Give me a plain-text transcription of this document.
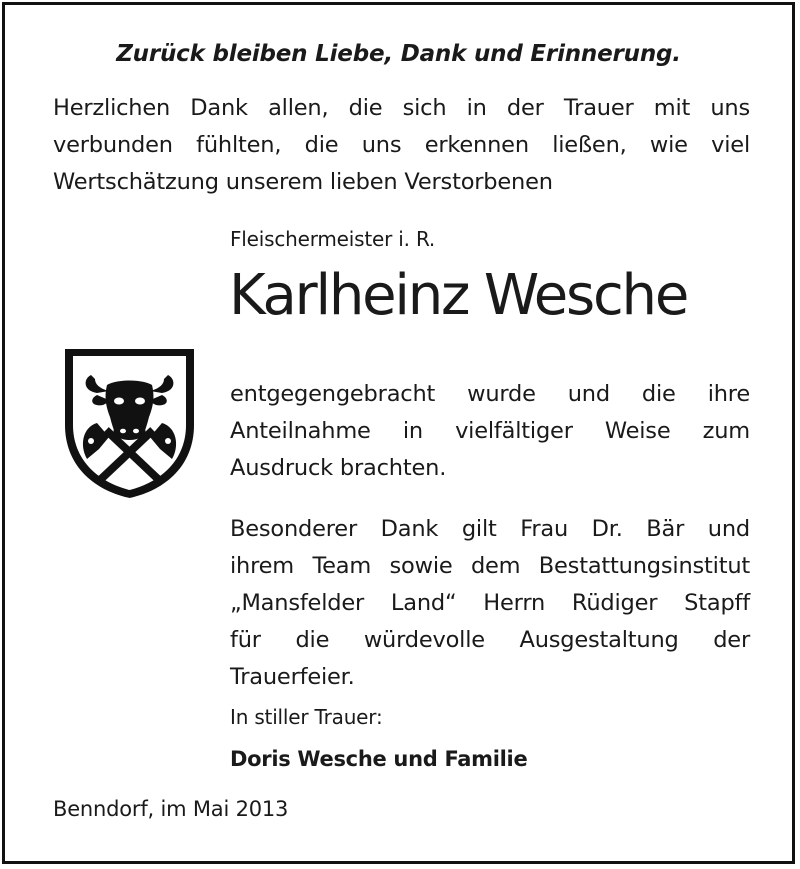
Zurück bleiben Liebe, Dank und Erinnerung.
Herzlichen Dank allen, die sich in der Trauer mit uns
verbunden fühlten, die uns erkennen ließen, wie viel
Wertschätzung unserem lieben Verstorbenen
Fleischermeister i. R.
Karlheinz Wesche
entgegengebracht wurde und die ihre
Anteilnahme in vielfältiger Weise zum
Ausdruck brachten.
Besonderer Dank gilt Frau Dr. Bär und
ihrem Team sowie dem Bestattungsinstitut
„Mansfelder Land“ Herrn Rüdiger Stapff
für die würdevolle Ausgestaltung der
Trauerfeier.
In stiller Trauer:
Doris Wesche und Familie
Benndorf, im Mai 2013
